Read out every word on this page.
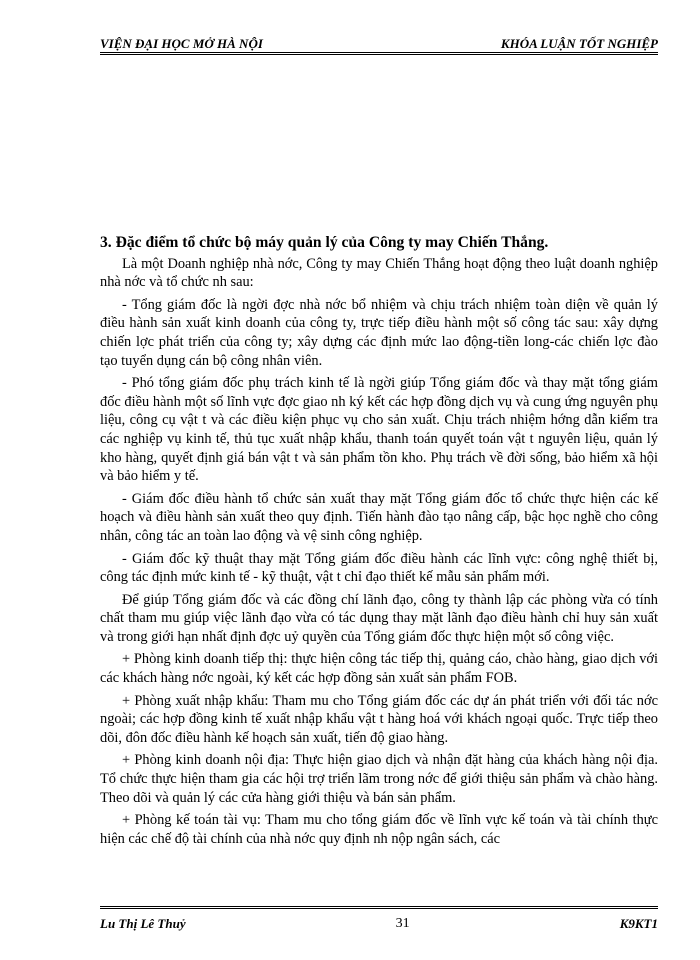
VIỆN ĐẠI HỌC MỞ HÀ NỘI	KHÓA LUẬN TỐT NGHIỆP
3. Đặc điểm tổ chức bộ máy quản lý của Công ty may Chiến Thắng.

Là một Doanh nghiệp nhà nớc, Công ty may Chiến Thắng hoạt động theo luật doanh nghiệp nhà nớc và tổ chức nh sau:

- Tổng giám đốc là ngời đợc nhà nớc bổ nhiệm và chịu trách nhiệm toàn diện về quản lý điều hành sản xuất kinh doanh của công ty, trực tiếp điều hành một số công tác sau: xây dựng chiến lợc phát triển của công ty; xây dựng các định mức lao động-tiền long-các chiến lợc đào tạo tuyển dụng cán bộ công nhân viên.

- Phó tổng giám đốc phụ trách kinh tế là ngời giúp Tổng giám đốc và thay mặt tổng giám đốc điều hành một số lĩnh vực đợc giao nh ký kết các hợp đồng dịch vụ và cung ứng nguyên phụ liệu, công cụ vật t và các điều kiện phục vụ cho sản xuất. Chịu trách nhiệm hớng dẫn kiểm tra các nghiệp vụ kinh tế, thủ tục xuất nhập khẩu, thanh toán quyết toán vật t nguyên liệu, quản lý kho hàng, quyết định giá bán vật t và sản phẩm tồn kho. Phụ trách về đời sống, bảo hiểm xã hội và bảo hiểm y tế.

- Giám đốc điều hành tổ chức sản xuất thay mặt Tổng giám đốc tổ chức thực hiện các kế hoạch và điều hành sản xuất theo quy định. Tiến hành đào tạo nâng cấp, bậc học nghề cho công nhân, công tác an toàn lao động và vệ sinh công nghiệp.

- Giám đốc kỹ thuật thay mặt Tổng giám đốc điều hành các lĩnh vực: công nghệ thiết bị, công tác định mức kinh tế - kỹ thuật, vật t chỉ đạo thiết kế mẫu sản phẩm mới.

Để giúp Tổng giám đốc và các đồng chí lãnh đạo, công ty thành lập các phòng vừa có tính chất tham mu giúp việc lãnh đạo vừa có tác dụng thay mặt lãnh đạo điều hành chỉ huy sản xuất và trong giới hạn nhất định đợc uỷ quyền của Tổng giám đốc thực hiện một số công việc.

+ Phòng kinh doanh tiếp thị: thực hiện công tác tiếp thị, quảng cáo, chào hàng, giao dịch với các khách hàng nớc ngoài, ký kết các hợp đồng sản xuất sản phẩm FOB.

+ Phòng xuất nhập khẩu: Tham mu cho Tổng giám đốc các dự án phát triển với đối tác nớc ngoài; các hợp đồng kinh tế xuất nhập khẩu vật t hàng hoá với khách ngoại quốc. Trực tiếp theo dõi, đôn đốc điều hành kế hoạch sản xuất, tiến độ giao hàng.

+ Phòng kinh doanh nội địa: Thực hiện giao dịch và nhận đặt hàng của khách hàng nội địa. Tổ chức thực hiện tham gia các hội trợ triển lãm trong nớc để giới thiệu sản phẩm và chào hàng. Theo dõi và quản lý các cửa hàng giới thiệu và bán sản phẩm.

+ Phòng kế toán tài vụ: Tham mu cho tổng giám đốc về lĩnh vực kế toán và tài chính thực hiện các chế độ tài chính của nhà nớc quy định nh nộp ngân sách, các

Lu Thị Lê Thuỷ	31	K9KT1
